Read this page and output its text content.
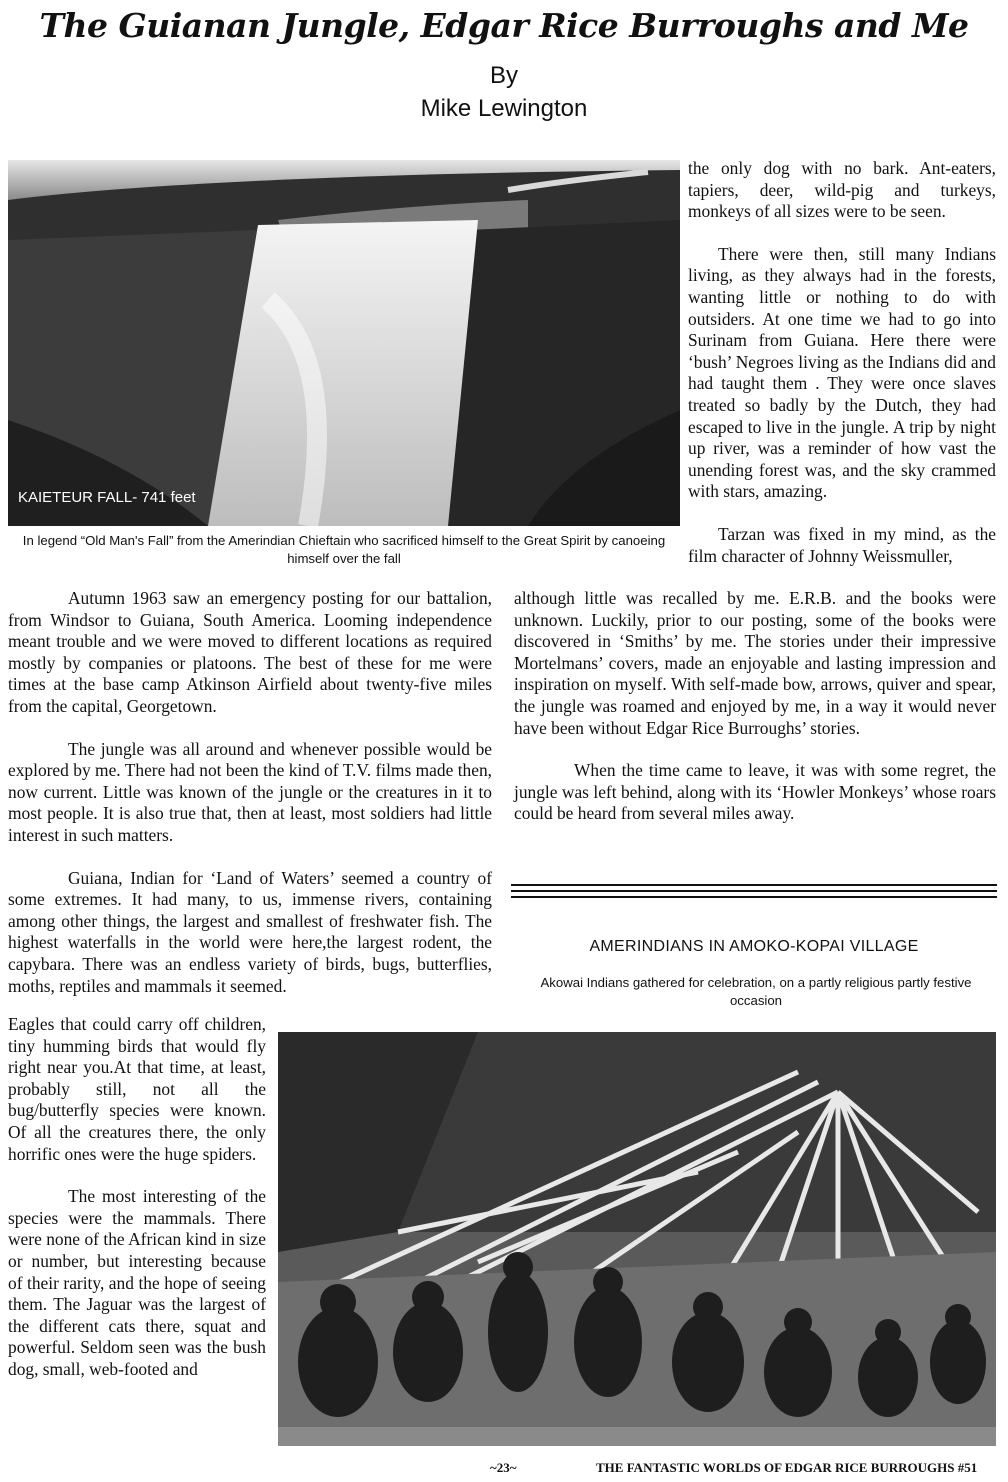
The Guianan Jungle, Edgar Rice Burroughs and Me
By
Mike Lewington
KAIETEUR FALL- 741 feet
In legend “Old Man's Fall” from the Amerindian Chieftain who sacrificed himself to the Great Spirit by canoeing himself over the fall

the only dog with no bark. Ant-eaters, tapiers, deer, wild-pig and turkeys, monkeys of all sizes were to be seen.

There were then, still many Indians living, as they always had in the forests, wanting little or nothing to do with outsiders. At one time we had to go into Surinam from Guiana. Here there were ‘bush’ Negroes living as the Indians did and had taught them . They were once slaves treated so badly by the Dutch, they had escaped to live in the jungle. A trip by night up river, was a reminder of how vast the unending forest was, and the sky crammed with stars, amazing.

Tarzan was fixed in my mind, as the film character of Johnny Weissmuller,

although little was recalled by me. E.R.B. and the books were unknown. Luckily, prior to our posting, some of the books were discovered in ‘Smiths’ by me. The stories under their impressive Mortelmans’ covers, made an enjoyable and lasting impression and inspiration on myself. With self-made bow, arrows, quiver and spear, the jungle was roamed and enjoyed by me, in a way it would never have been without Edgar Rice Burroughs’ stories.

When the time came to leave, it was with some regret, the jungle was left behind, along with its ‘Howler Monkeys’ whose roars could be heard from several miles away.

Autumn 1963 saw an emergency posting for our battalion, from Windsor to Guiana, South America. Looming independence meant trouble and we were moved to different locations as required mostly by companies or platoons. The best of these for me were times at the base camp Atkinson Airfield about twenty-five miles from the capital, Georgetown.

The jungle was all around and whenever possible would be explored by me. There had not been the kind of T.V. films made then, now current. Little was known of the jungle or the creatures in it to most people. It is also true that, then at least, most soldiers had little interest in such matters.

Guiana, Indian for ‘Land of Waters’ seemed a country of some extremes. It had many, to us, immense rivers, containing among other things, the largest and smallest of freshwater fish. The highest waterfalls in the world were here,the largest rodent, the capybara. There was an endless variety of birds, bugs, butterflies, moths, reptiles and mammals it seemed.

Eagles that could carry off children, tiny humming birds that would fly right near you.At that time, at least, probably still, not all the bug/butterfly species were known. Of all the creatures there, the only horrific ones were the huge spiders.

The most interesting of the species were the mammals. There were none of the African kind in size or number, but interesting because of their rarity, and the hope of seeing them. The Jaguar was the largest of the different cats there, squat and powerful. Seldom seen was the bush dog, small, web-footed and

AMERINDIANS IN AMOKO-KOPAI VILLAGE
Akowai Indians gathered for celebration, on a partly religious partly festive occasion
~23~	THE FANTASTIC WORLDS OF EDGAR RICE BURROUGHS #51
